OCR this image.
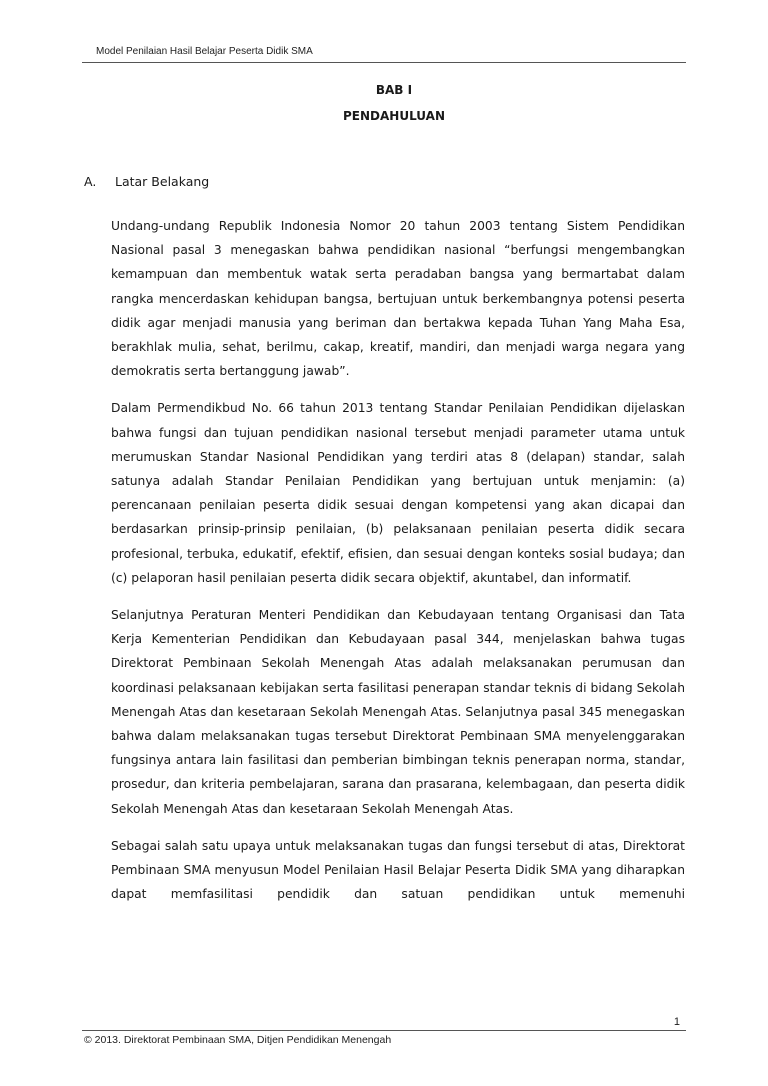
Model Penilaian Hasil Belajar Peserta Didik SMA
BAB I
PENDAHULUAN
A. Latar Belakang

Undang-undang Republik Indonesia Nomor 20 tahun 2003 tentang Sistem Pendidikan Nasional pasal 3 menegaskan bahwa pendidikan nasional “berfungsi mengembangkan kemampuan dan membentuk watak serta peradaban bangsa yang bermartabat dalam rangka mencerdaskan kehidupan bangsa, bertujuan untuk berkembangnya potensi peserta didik agar menjadi manusia yang beriman dan bertakwa kepada Tuhan Yang Maha Esa, berakhlak mulia, sehat, berilmu, cakap, kreatif, mandiri, dan menjadi warga negara yang demokratis serta bertanggung jawab”.

Dalam Permendikbud No. 66 tahun 2013 tentang Standar Penilaian Pendidikan dijelaskan bahwa fungsi dan tujuan pendidikan nasional tersebut menjadi parameter utama untuk merumuskan Standar Nasional Pendidikan yang terdiri atas 8 (delapan) standar, salah satunya adalah Standar Penilaian Pendidikan yang bertujuan untuk menjamin: (a) perencanaan penilaian peserta didik sesuai dengan kompetensi yang akan dicapai dan berdasarkan prinsip-prinsip penilaian, (b) pelaksanaan penilaian peserta didik secara profesional, terbuka, edukatif, efektif, efisien, dan sesuai dengan konteks sosial budaya; dan (c) pelaporan hasil penilaian peserta didik secara objektif, akuntabel, dan informatif.

Selanjutnya Peraturan Menteri Pendidikan dan Kebudayaan tentang Organisasi dan Tata Kerja Kementerian Pendidikan dan Kebudayaan pasal 344, menjelaskan bahwa tugas Direktorat Pembinaan Sekolah Menengah Atas adalah melaksanakan perumusan dan koordinasi pelaksanaan kebijakan serta fasilitasi penerapan standar teknis di bidang Sekolah Menengah Atas dan kesetaraan Sekolah Menengah Atas. Selanjutnya pasal 345 menegaskan bahwa dalam melaksanakan tugas tersebut Direktorat Pembinaan SMA menyelenggarakan fungsinya antara lain fasilitasi dan pemberian bimbingan teknis penerapan norma, standar, prosedur, dan kriteria pembelajaran, sarana dan prasarana, kelembagaan, dan peserta didik Sekolah Menengah Atas dan kesetaraan Sekolah Menengah Atas.

Sebagai salah satu upaya untuk melaksanakan tugas dan fungsi tersebut di atas, Direktorat Pembinaan SMA menyusun Model Penilaian Hasil Belajar Peserta Didik SMA yang diharapkan dapat memfasilitasi pendidik dan satuan pendidikan untuk memenuhi

1
© 2013. Direktorat Pembinaan SMA, Ditjen Pendidikan Menengah
